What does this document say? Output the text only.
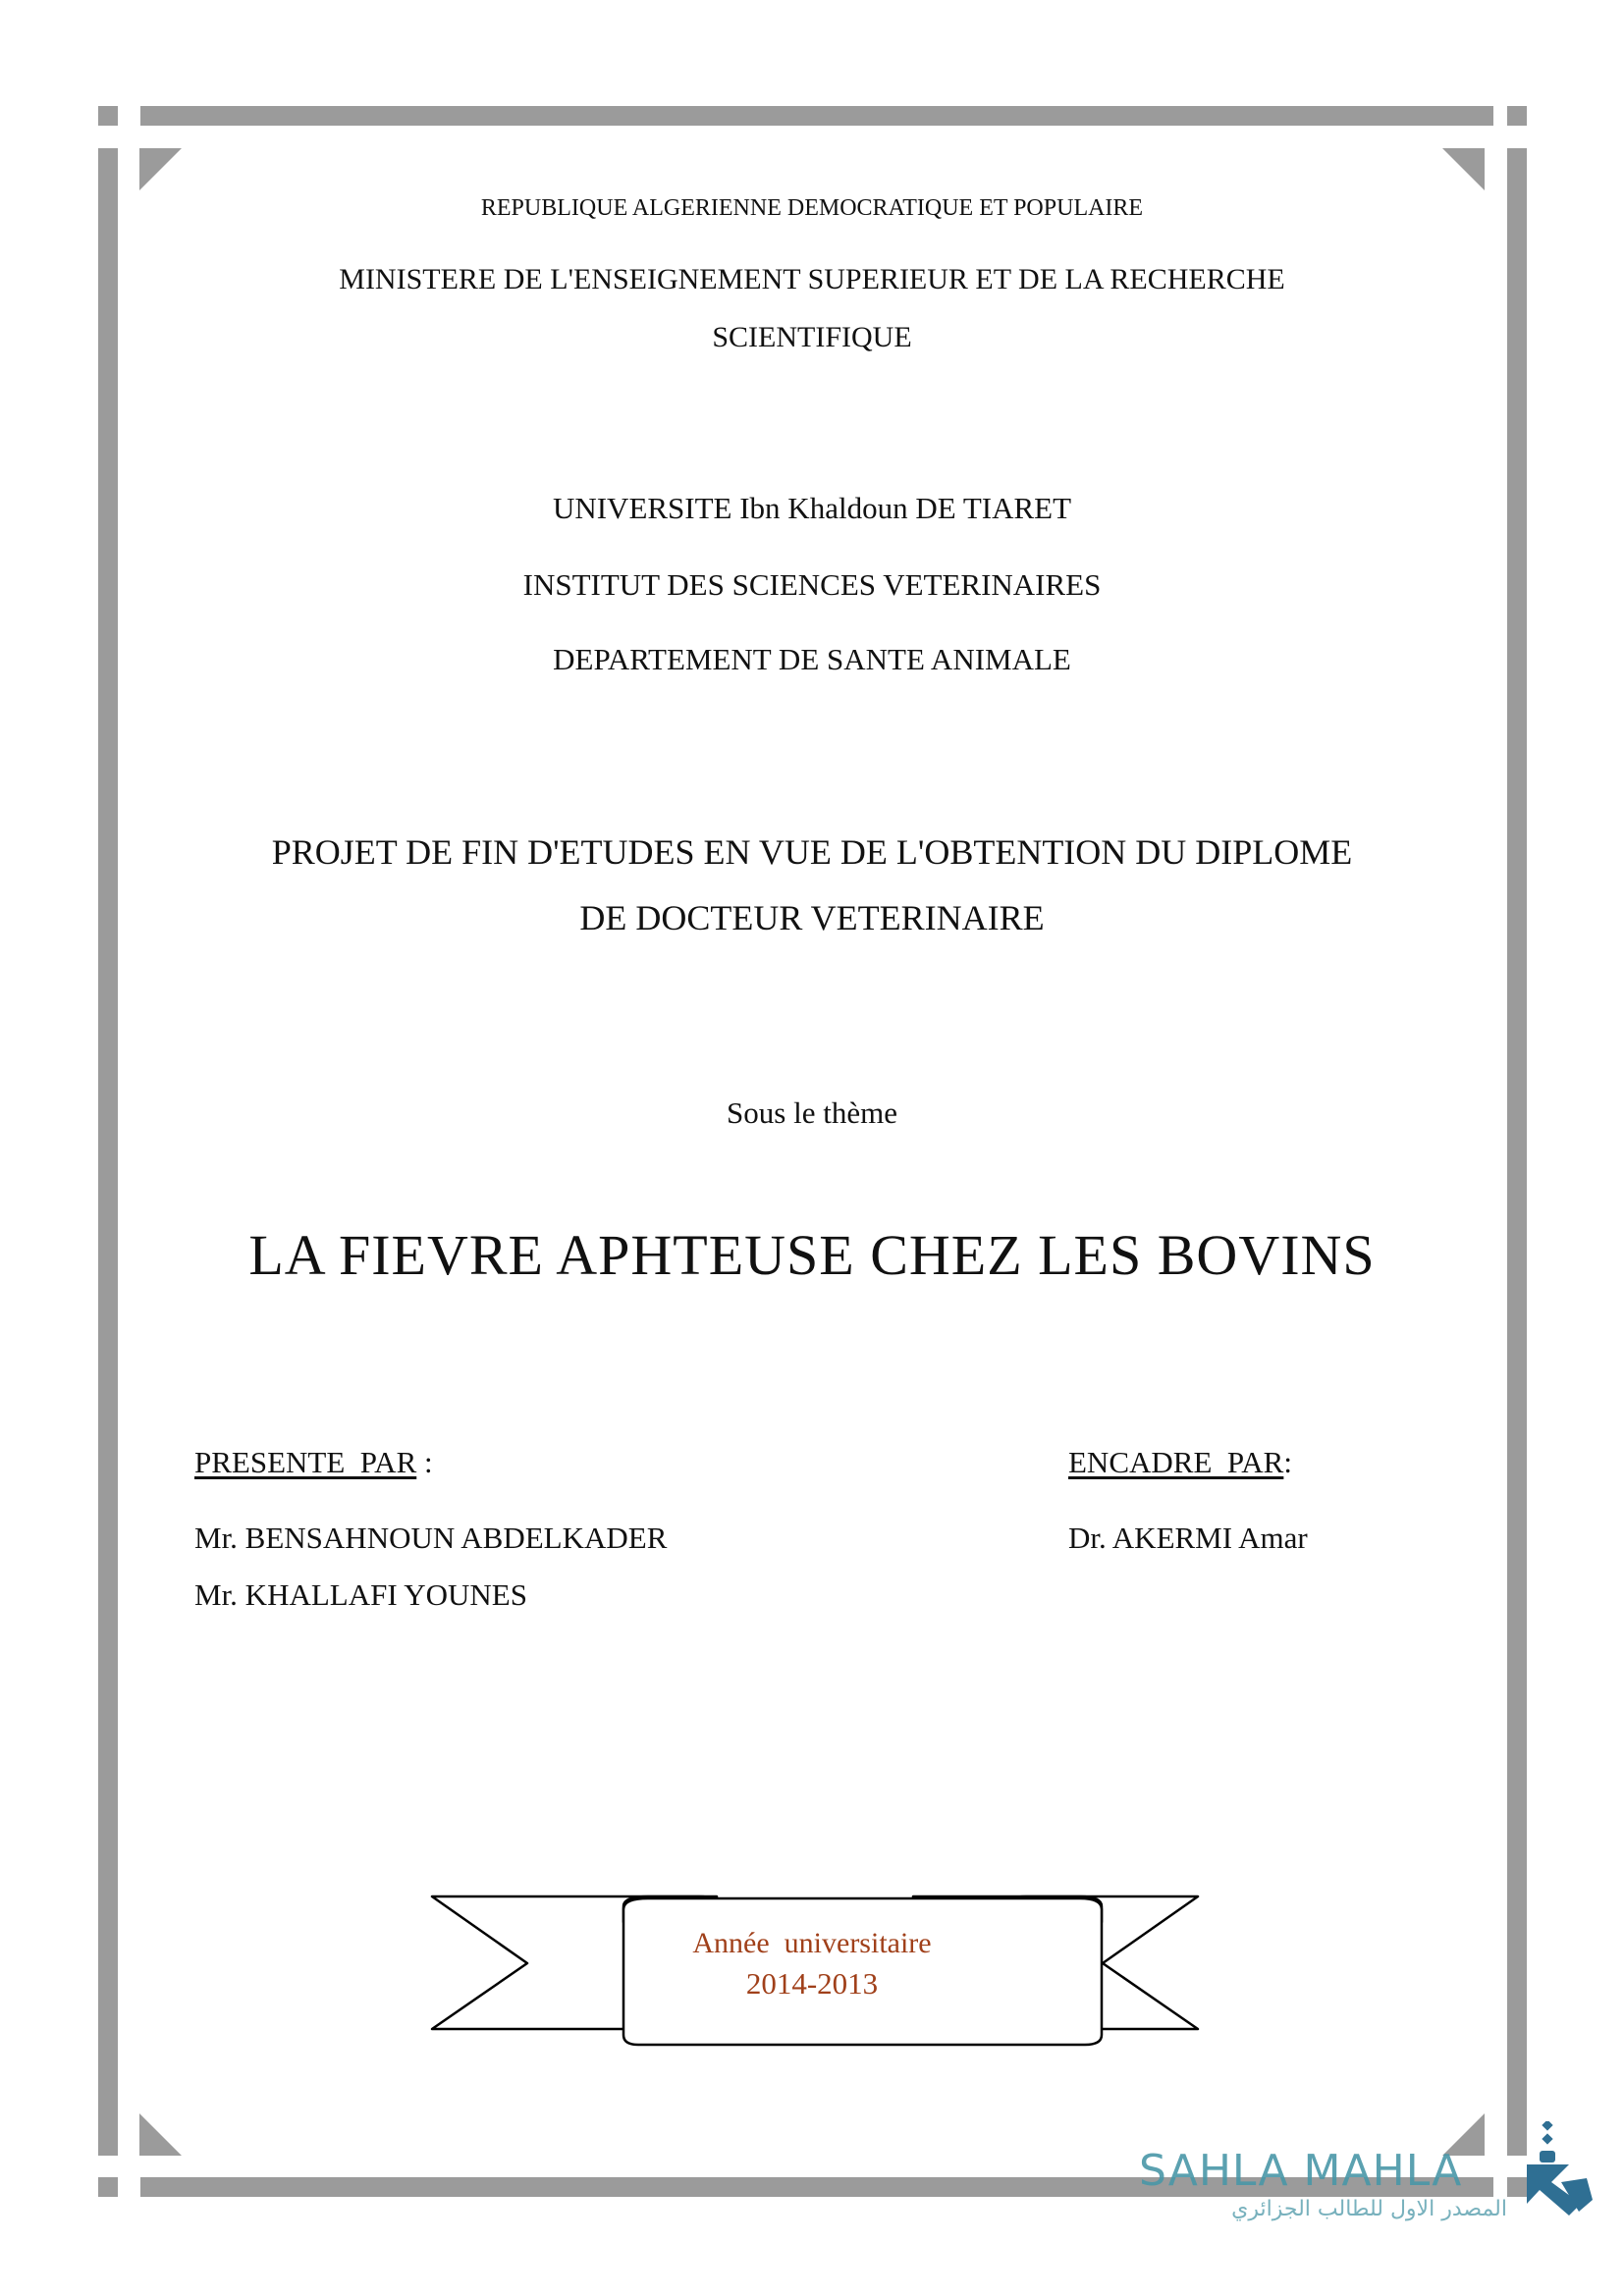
REPUBLIQUE ALGERIENNE DEMOCRATIQUE ET POPULAIRE
MINISTERE DE L'ENSEIGNEMENT SUPERIEUR ET DE LA RECHERCHE
SCIENTIFIQUE
UNIVERSITE Ibn Khaldoun DE TIARET
INSTITUT DES SCIENCES VETERINAIRES
DEPARTEMENT DE SANTE ANIMALE
PROJET DE FIN D'ETUDES EN VUE DE L'OBTENTION DU DIPLOME
DE DOCTEUR VETERINAIRE
Sous le thème
LA FIEVRE APHTEUSE CHEZ LES BOVINS
PRESENTE  PAR :
Mr. BENSAHNOUN ABDELKADER
Mr. KHALLAFI YOUNES
ENCADRE  PAR:
Dr. AKERMI Amar
Année  universitaire
2014-2013
SAHLA MAHLA
المصدر الاول للطالب الجزائري
